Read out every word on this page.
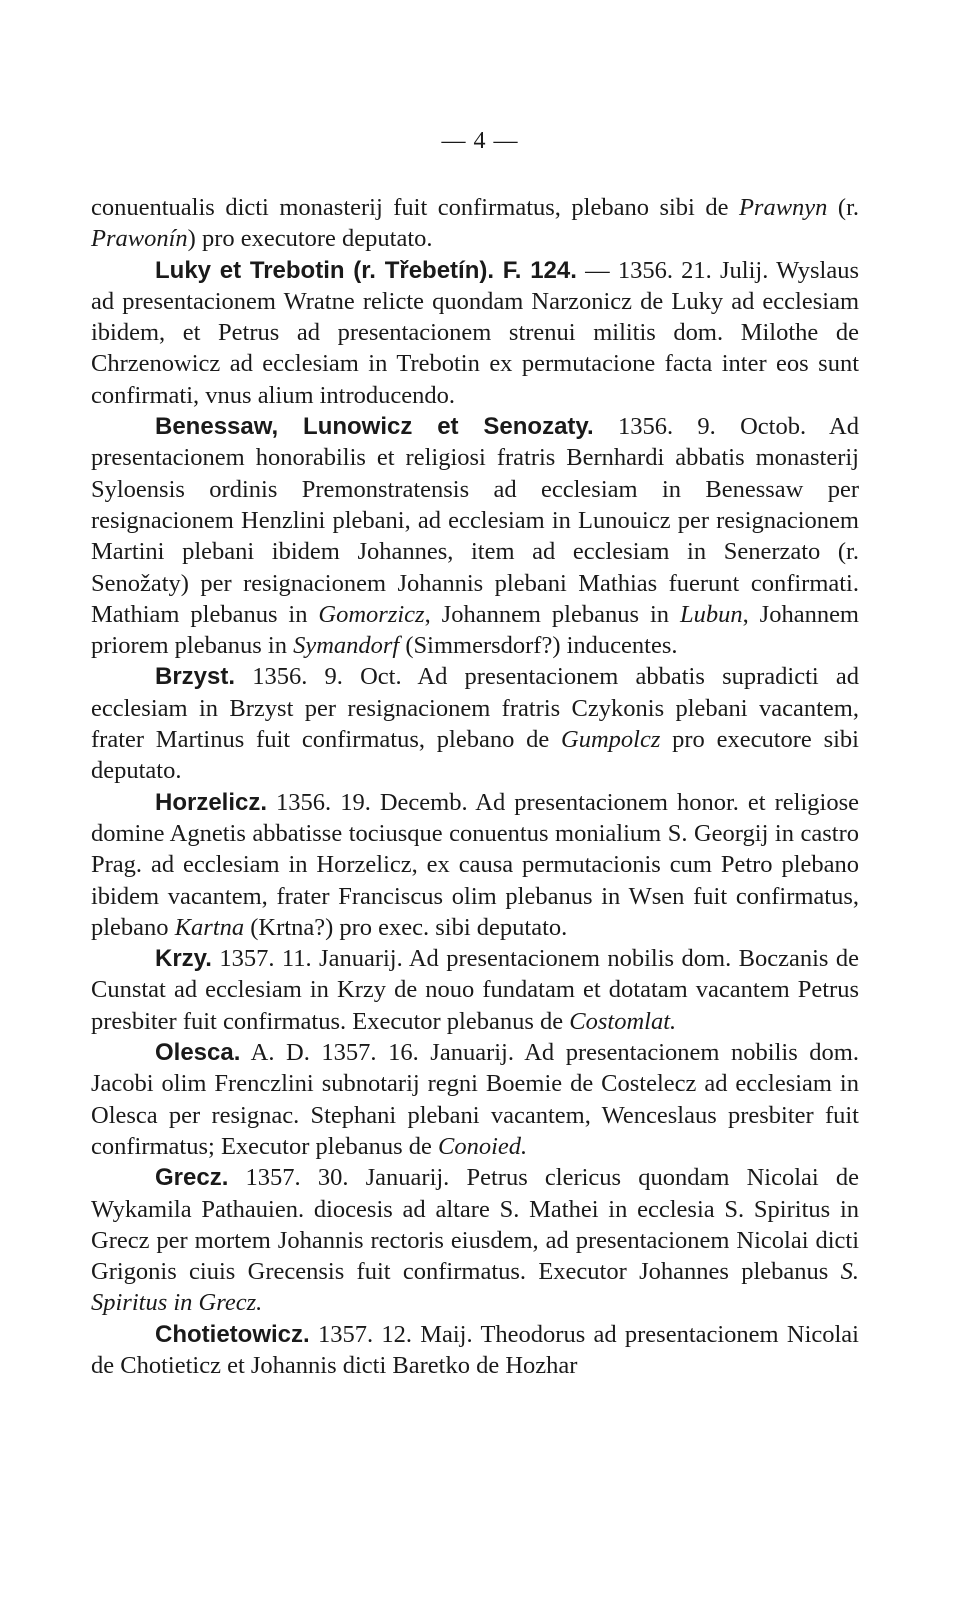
— 4 —

conuentualis dicti monasterij fuit confirmatus, plebano sibi de Prawnyn (r. Prawonín) pro executore deputato.

Luky et Trebotin (r. Třebetín). F. 124. — 1356. 21. Julij. Wyslaus ad presentacionem Wratne relicte quondam Narzonicz de Luky ad ecclesiam ibidem, et Petrus ad presentacionem strenui militis dom. Milothe de Chrzenowicz ad ecclesiam in Trebotin ex permutacione facta inter eos sunt confirmati, vnus alium introducendo.

Benessaw, Lunowicz et Senozaty. 1356. 9. Octob. Ad presentacionem honorabilis et religiosi fratris Bernhardi abbatis monasterij Syloensis ordinis Premonstratensis ad ecclesiam in Benessaw per resignacionem Henzlini plebani, ad ecclesiam in Lunouicz per resignacionem Martini plebani ibidem Johannes, item ad ecclesiam in Senerzato (r. Senožaty) per resignacionem Johannis plebani Mathias fuerunt confirmati. Mathiam plebanus in Gomorzicz, Johannem plebanus in Lubun, Johannem priorem plebanus in Symandorf (Simmersdorf?) inducentes.

Brzyst. 1356. 9. Oct. Ad presentacionem abbatis supradicti ad ecclesiam in Brzyst per resignacionem fratris Czykonis plebani vacantem, frater Martinus fuit confirmatus, plebano de Gumpolcz pro executore sibi deputato.

Horzelicz. 1356. 19. Decemb. Ad presentacionem honor. et religiose domine Agnetis abbatisse tociusque conuentus monialium S. Georgij in castro Prag. ad ecclesiam in Horzelicz, ex causa permutacionis cum Petro plebano ibidem vacantem, frater Franciscus olim plebanus in Wsen fuit confirmatus, plebano Kartna (Krtna?) pro exec. sibi deputato.

Krzy. 1357. 11. Januarij. Ad presentacionem nobilis dom. Boczanis de Cunstat ad ecclesiam in Krzy de nouo fundatam et dotatam vacantem Petrus presbiter fuit confirmatus. Executor plebanus de Costomlat.

Olesca. A. D. 1357. 16. Januarij. Ad presentacionem nobilis dom. Jacobi olim Frenczlini subnotarij regni Boemie de Costelecz ad ecclesiam in Olesca per resignac. Stephani plebani vacantem, Wenceslaus presbiter fuit confirmatus; Executor plebanus de Conoied.

Grecz. 1357. 30. Januarij. Petrus clericus quondam Nicolai de Wykamila Pathauien. diocesis ad altare S. Mathei in ecclesia S. Spiritus in Grecz per mortem Johannis rectoris eiusdem, ad presentacionem Nicolai dicti Grigonis ciuis Grecensis fuit confirmatus. Executor Johannes plebanus S. Spiritus in Grecz.

Chotietowicz. 1357. 12. Maij. Theodorus ad presentacionem Nicolai de Chotieticz et Johannis dicti Baretko de Hozhar
